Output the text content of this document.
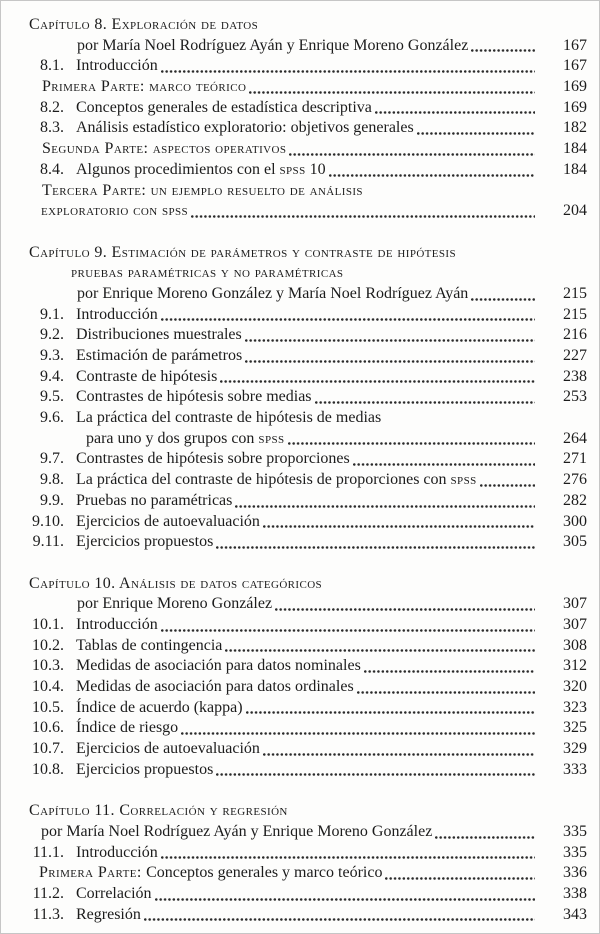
Capítulo 8. Exploración de datos
por María Noel Rodríguez Ayán y Enrique Moreno González	167
8.1. Introducción	167
Primera Parte: marco teórico	169
8.2. Conceptos generales de estadística descriptiva	169
8.3. Análisis estadístico exploratorio: objetivos generales	182
Segunda Parte: aspectos operativos	184
8.4. Algunos procedimientos con el spss 10	184
Tercera Parte: un ejemplo resuelto de análisis
exploratorio con spss	204
Capítulo 9. Estimación de parámetros y contraste de hipótesis
pruebas paramétricas y no paramétricas
por Enrique Moreno González y María Noel Rodríguez Ayán	215
9.1. Introducción	215
9.2. Distribuciones muestrales	216
9.3. Estimación de parámetros	227
9.4. Contraste de hipótesis	238
9.5. Contrastes de hipótesis sobre medias	253
9.6. La práctica del contraste de hipótesis de medias
para uno y dos grupos con spss	264
9.7. Contrastes de hipótesis sobre proporciones	271
9.8. La práctica del contraste de hipótesis de proporciones con spss	276
9.9. Pruebas no paramétricas	282
9.10. Ejercicios de autoevaluación	300
9.11. Ejercicios propuestos	305
Capítulo 10. Análisis de datos categóricos
por Enrique Moreno González	307
10.1. Introducción	307
10.2. Tablas de contingencia	308
10.3. Medidas de asociación para datos nominales	312
10.4. Medidas de asociación para datos ordinales	320
10.5. Índice de acuerdo (kappa)	323
10.6. Índice de riesgo	325
10.7. Ejercicios de autoevaluación	329
10.8. Ejercicios propuestos	333
Capítulo 11. Correlación y regresión
por María Noel Rodríguez Ayán y Enrique Moreno González	335
11.1. Introducción	335
Primera Parte: Conceptos generales y marco teórico	336
11.2. Correlación	338
11.3. Regresión	343
